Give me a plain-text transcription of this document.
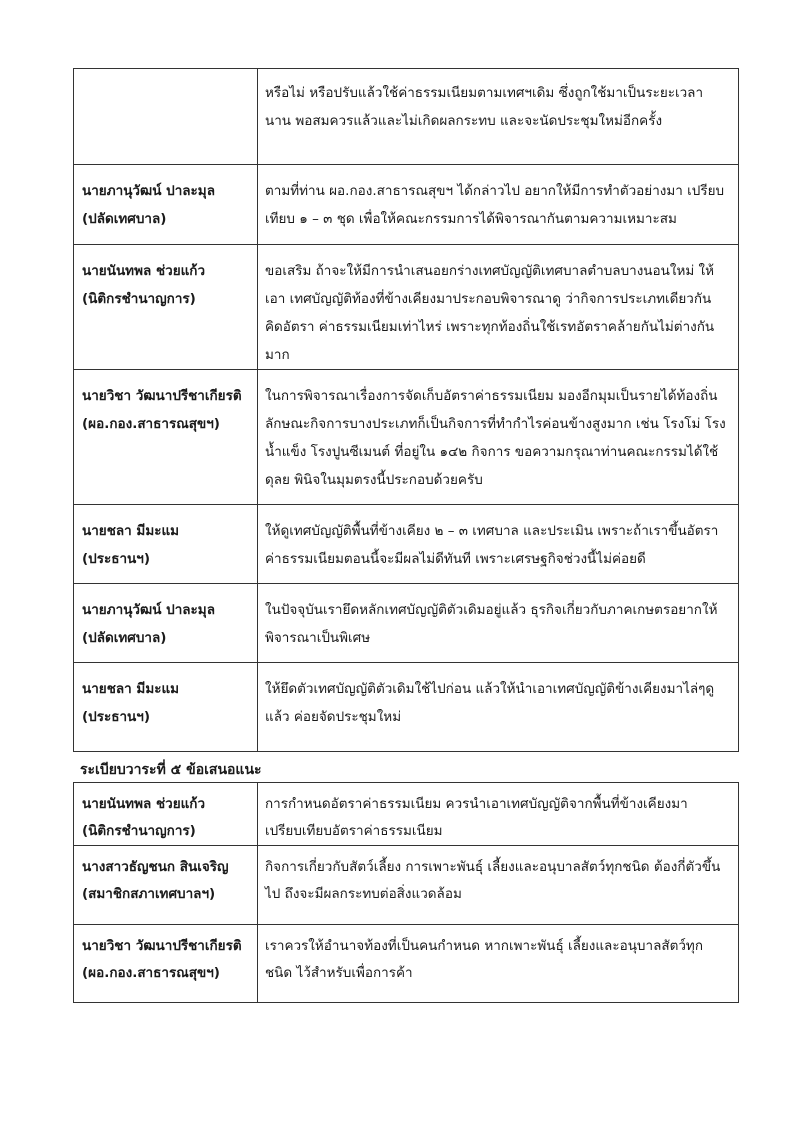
	หรือไม่ หรือปรับแล้วใช้ค่าธรรมเนียมตามเทศฯเดิม ซึ่งถูกใช้มาเป็นระยะเวลานาน พอสมควรแล้วและไม่เกิดผลกระทบ และจะนัดประชุมใหม่อีกครั้ง

นายภานุวัฒน์ ปาละมุล
(ปลัดเทศบาล)	ตามที่ท่าน ผอ.กอง.สาธารณสุขฯ ได้กล่าวไป อยากให้มีการทำตัวอย่างมา เปรียบเทียบ ๑ – ๓ ชุด เพื่อให้คณะกรรมการได้พิจารณากันตามความเหมาะสม

นายนันทพล ช่วยแก้ว
(นิติกรชำนาญการ)	ขอเสริม ถ้าจะให้มีการนำเสนอยกร่างเทศบัญญัติเทศบาลตำบลบางนอนใหม่ ให้เอา เทศบัญญัติท้องที่ข้างเคียงมาประกอบพิจารณาดู ว่ากิจการประเภทเดียวกันคิดอัตรา ค่าธรรมเนียมเท่าไหร่ เพราะทุกท้องถิ่นใช้เรทอัตราคล้ายกันไม่ต่างกันมาก

นายวิชา วัฒนาปรีชาเกียรติ
(ผอ.กอง.สาธารณสุขฯ)	ในการพิจารณาเรื่องการจัดเก็บอัตราค่าธรรมเนียม มองอีกมุมเป็นรายได้ท้องถิ่น ลักษณะกิจการบางประเภทก็เป็นกิจการที่ทำกำไรค่อนข้างสูงมาก เช่น โรงโม่ โรง น้ำแข็ง โรงปูนซีเมนต์ ที่อยู่ใน ๑๔๒ กิจการ ขอความกรุณาท่านคณะกรรมได้ใช้ดุลย พินิจในมุมตรงนี้ประกอบด้วยครับ

นายชลา มีมะแม
(ประธานฯ)	ให้ดูเทศบัญญัติพื้นที่ข้างเคียง ๒ – ๓ เทศบาล และประเมิน เพราะถ้าเราขึ้นอัตรา ค่าธรรมเนียมตอนนี้จะมีผลไม่ดีทันที เพราะเศรษฐกิจช่วงนี้ไม่ค่อยดี

นายภานุวัฒน์ ปาละมุล
(ปลัดเทศบาล)	ในปัจจุบันเรายึดหลักเทศบัญญัติตัวเดิมอยู่แล้ว ธุรกิจเกี่ยวกับภาคเกษตรอยากให้ พิจารณาเป็นพิเศษ

นายชลา มีมะแม
(ประธานฯ)	ให้ยึดตัวเทศบัญญัติตัวเดิมใช้ไปก่อน แล้วให้นำเอาเทศบัญญัติข้างเคียงมาไล่ๆดู แล้ว ค่อยจัดประชุมใหม่
ระเบียบวาระที่ ๕ ข้อเสนอแนะ
นายนันทพล ช่วยแก้ว
(นิติกรชำนาญการ)	การกำหนดอัตราค่าธรรมเนียม ควรนำเอาเทศบัญญัติจากพื้นที่ข้างเคียงมา เปรียบเทียบอัตราค่าธรรมเนียม

นางสาวธัญชนก สินเจริญ
(สมาชิกสภาเทศบาลฯ)	กิจการเกี่ยวกับสัตว์เลี้ยง การเพาะพันธุ์ เลี้ยงและอนุบาลสัตว์ทุกชนิด ต้องกี่ตัวขึ้นไป ถึงจะมีผลกระทบต่อสิ่งแวดล้อม

นายวิชา วัฒนาปรีชาเกียรติ
(ผอ.กอง.สาธารณสุขฯ)	เราควรให้อำนาจท้องที่เป็นคนกำหนด หากเพาะพันธุ์ เลี้ยงและอนุบาลสัตว์ทุกชนิด ไว้สำหรับเพื่อการค้า
